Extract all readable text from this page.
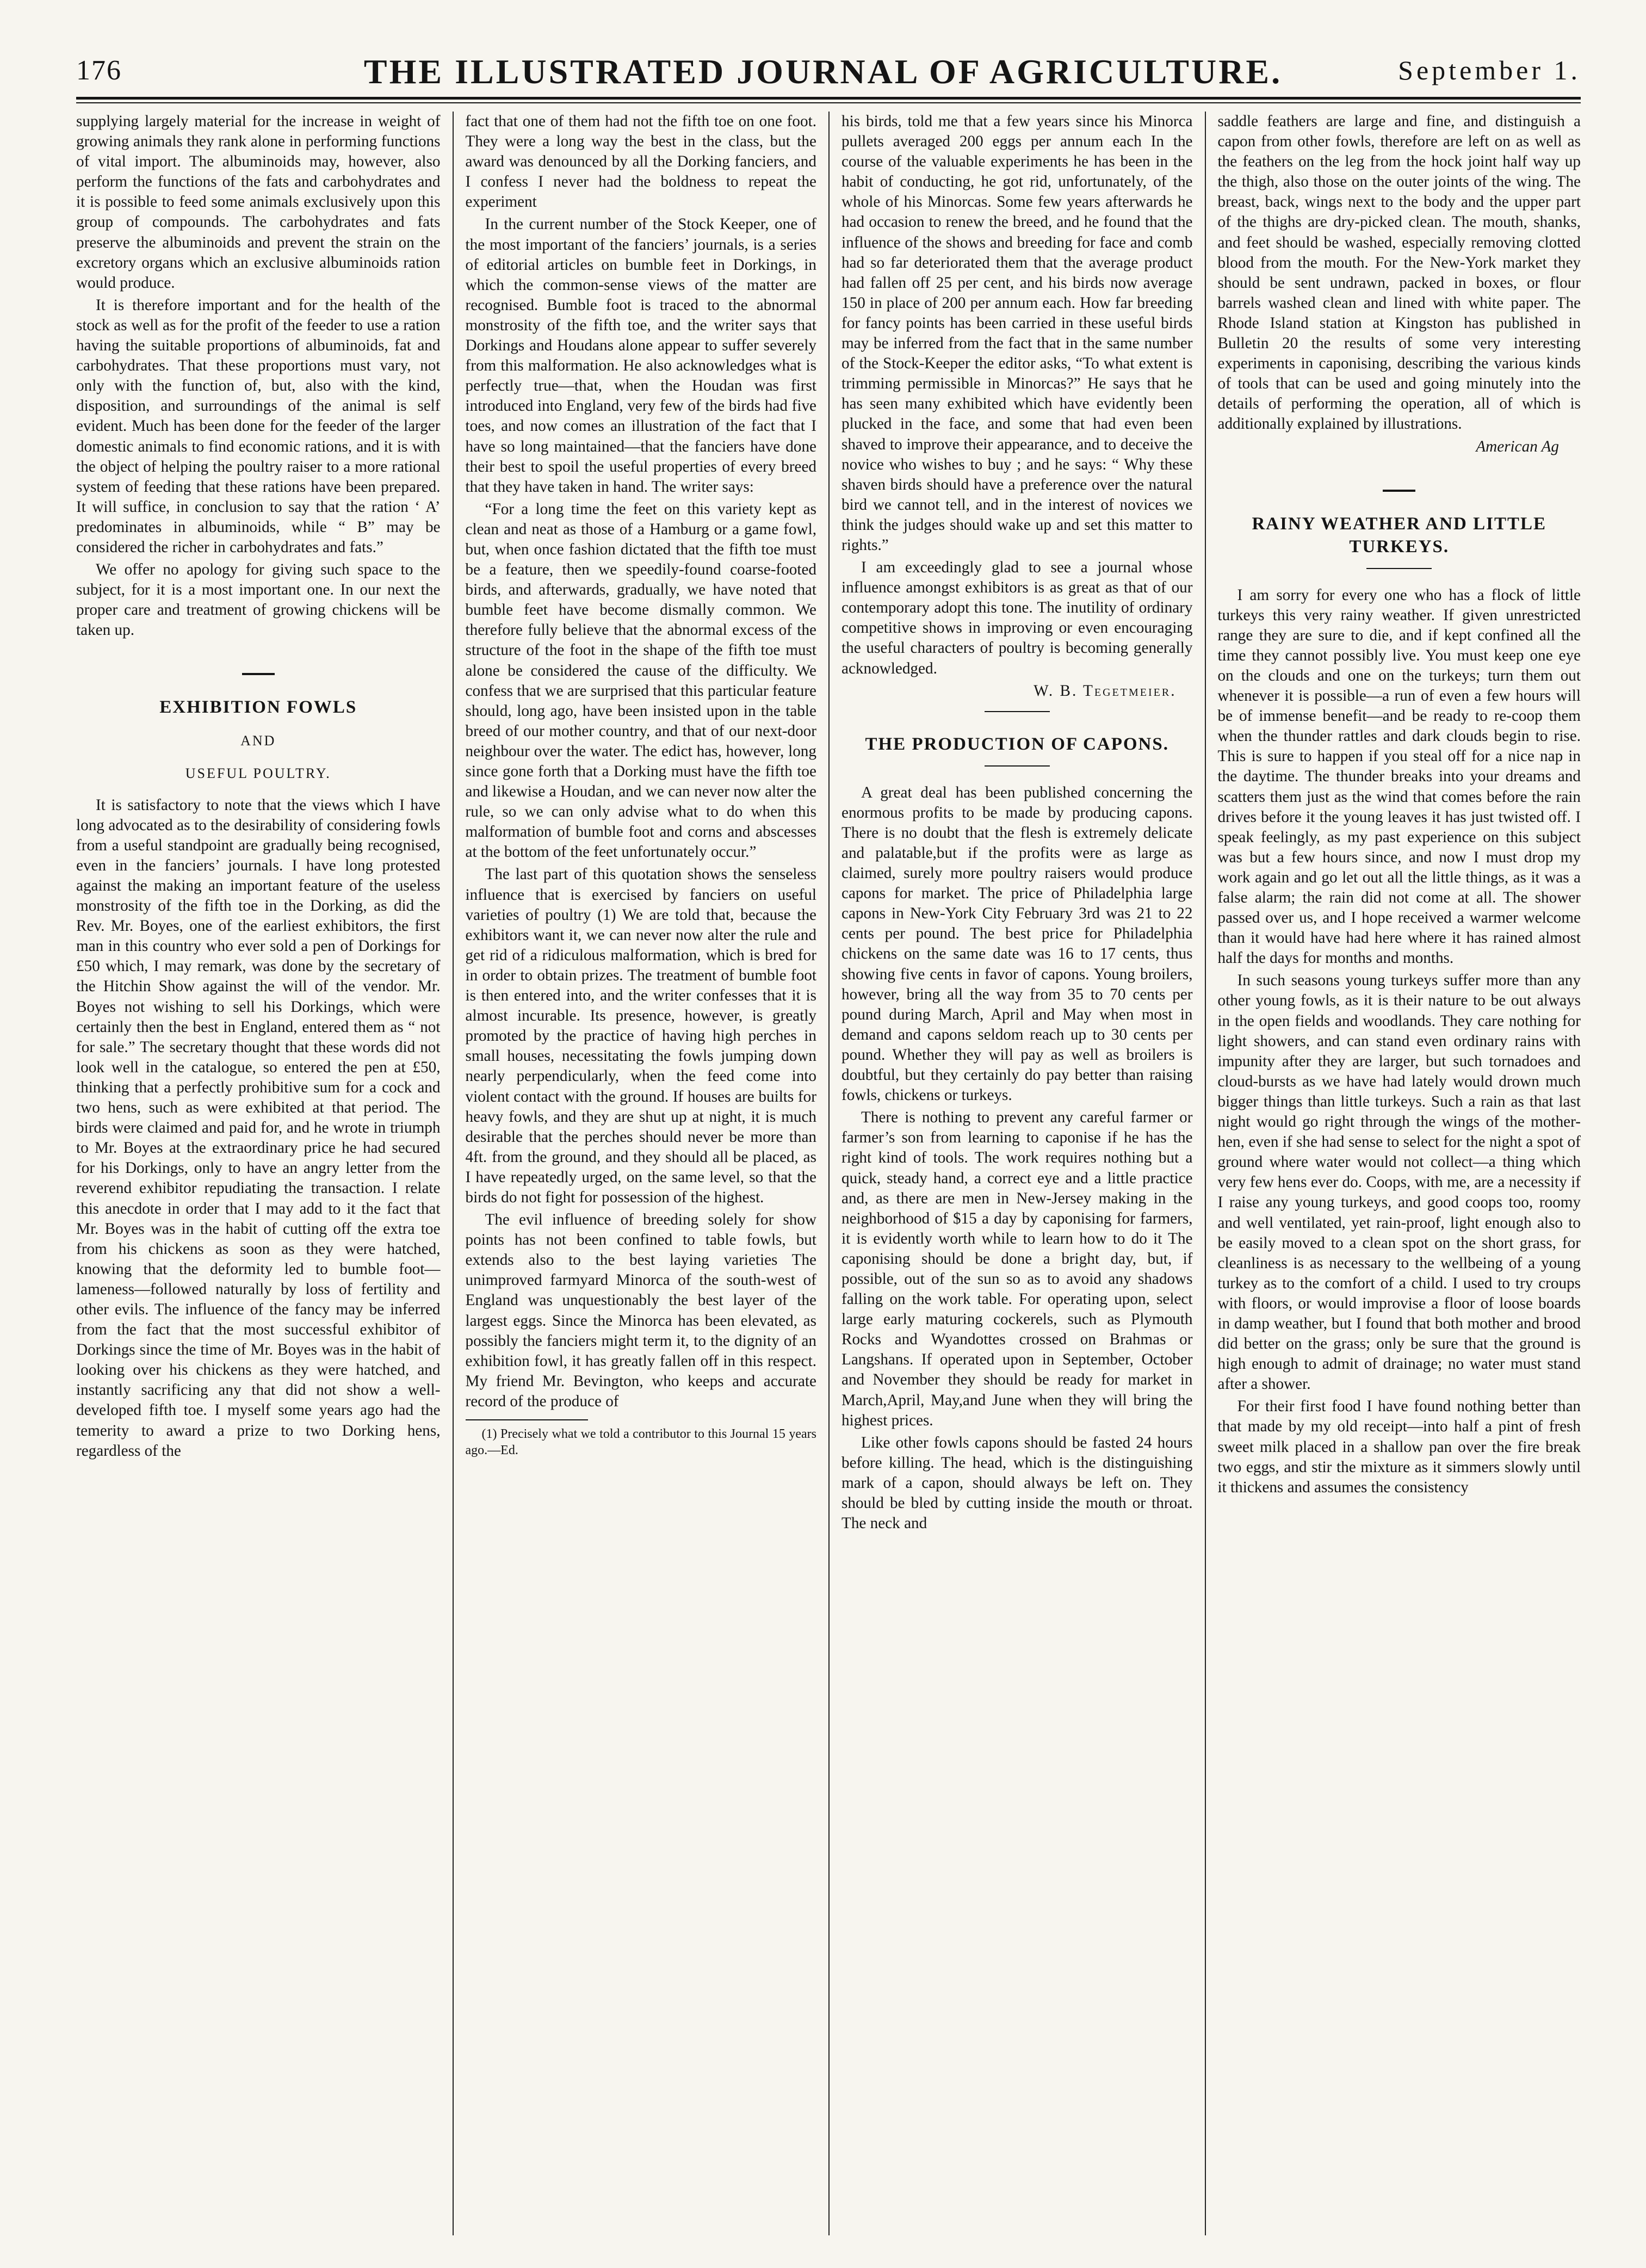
176	September 1.
THE ILLUSTRATED JOURNAL OF AGRICULTURE.

supplying largely material for the increase in weight of growing animals they rank alone in performing functions of vital import. The albuminoids may, however, also perform the functions of the fats and carbohydrates and it is possible to feed some animals exclusively upon this group of compounds. The carbohydrates and fats preserve the albuminoids and prevent the strain on the excretory organs which an exclusive albuminoids ration would produce.

It is therefore important and for the health of the stock as well as for the profit of the feeder to use a ration having the suitable proportions of albuminoids, fat and carbohydrates. That these proportions must vary, not only with the function of, but, also with the kind, disposition, and surroundings of the animal is self evident. Much has been done for the feeder of the larger domestic animals to find economic rations, and it is with the object of helping the poultry raiser to a more rational system of feeding that these rations have been prepared. It will suffice, in conclusion to say that the ration ‘ A’ predominates in albuminoids, while “ B” may be considered the richer in carbohydrates and fats.”

We offer no apology for giving such space to the subject, for it is a most important one. In our next the proper care and treatment of growing chickens will be taken up.

EXHIBITION FOWLS
AND
USEFUL POULTRY.

It is satisfactory to note that the views which I have long advocated as to the desirability of considering fowls from a useful standpoint are gradually being recognised, even in the fanciers’ journals. I have long protested against the making an important feature of the useless monstrosity of the fifth toe in the Dorking, as did the Rev. Mr. Boyes, one of the earliest exhibitors, the first man in this country who ever sold a pen of Dorkings for £50 which, I may remark, was done by the secretary of the Hitchin Show against the will of the vendor. Mr. Boyes not wishing to sell his Dorkings, which were certainly then the best in England, entered them as “ not for sale.” The secretary thought that these words did not look well in the catalogue, so entered the pen at £50, thinking that a perfectly prohibitive sum for a cock and two hens, such as were exhibited at that period. The birds were claimed and paid for, and he wrote in triumph to Mr. Boyes at the extraordinary price he had secured for his Dorkings, only to have an angry letter from the reverend exhibitor repudiating the transaction. I relate this anecdote in order that I may add to it the fact that Mr. Boyes was in the habit of cutting off the extra toe from his chickens as soon as they were hatched, knowing that the deformity led to bumble foot—lameness—followed naturally by loss of fertility and other evils. The influence of the fancy may be inferred from the fact that the most successful exhibitor of Dorkings since the time of Mr. Boyes was in the habit of looking over his chickens as they were hatched, and instantly sacrificing any that did not show a well-developed fifth toe. I myself some years ago had the temerity to award a prize to two Dorking hens, regardless of the

fact that one of them had not the fifth toe on one foot. They were a long way the best in the class, but the award was denounced by all the Dorking fanciers, and I confess I never had the boldness to repeat the experiment

In the current number of the Stock Keeper, one of the most important of the fanciers’ journals, is a series of editorial articles on bumble feet in Dorkings, in which the common-sense views of the matter are recognised. Bumble foot is traced to the abnormal monstrosity of the fifth toe, and the writer says that Dorkings and Houdans alone appear to suffer severely from this malformation. He also acknowledges what is perfectly true—that, when the Houdan was first introduced into England, very few of the birds had five toes, and now comes an illustration of the fact that I have so long maintained—that the fanciers have done their best to spoil the useful properties of every breed that they have taken in hand. The writer says:

“For a long time the feet on this variety kept as clean and neat as those of a Hamburg or a game fowl, but, when once fashion dictated that the fifth toe must be a feature, then we speedily-found coarse-footed birds, and afterwards, gradually, we have noted that bumble feet have become dismally common. We therefore fully believe that the abnormal excess of the structure of the foot in the shape of the fifth toe must alone be considered the cause of the difficulty. We confess that we are surprised that this particular feature should, long ago, have been insisted upon in the table breed of our mother country, and that of our next-door neighbour over the water. The edict has, however, long since gone forth that a Dorking must have the fifth toe and likewise a Houdan, and we can never now alter the rule, so we can only advise what to do when this malformation of bumble foot and corns and abscesses at the bottom of the feet unfortunately occur.”

The last part of this quotation shows the senseless influence that is exercised by fanciers on useful varieties of poultry (1) We are told that, because the exhibitors want it, we can never now alter the rule and get rid of a ridiculous malformation, which is bred for in order to obtain prizes. The treatment of bumble foot is then entered into, and the writer confesses that it is almost incurable. Its presence, however, is greatly promoted by the practice of having high perches in small houses, necessitating the fowls jumping down nearly perpendicularly, when the feed come into violent contact with the ground. If houses are builts for heavy fowls, and they are shut up at night, it is much desirable that the perches should never be more than 4ft. from the ground, and they should all be placed, as I have repeatedly urged, on the same level, so that the birds do not fight for possession of the highest.

The evil influence of breeding solely for show points has not been confined to table fowls, but extends also to the best laying varieties The unimproved farmyard Minorca of the south-west of England was unquestionably the best layer of the largest eggs. Since the Minorca has been elevated, as possibly the fanciers might term it, to the dignity of an exhibition fowl, it has greatly fallen off in this respect. My friend Mr. Bevington, who keeps and accurate record of the produce of

(1) Precisely what we told a contributor to this Journal 15 years ago.—Ed.

his birds, told me that a few years since his Minorca pullets averaged 200 eggs per annum each In the course of the valuable experiments he has been in the habit of conducting, he got rid, unfortunately, of the whole of his Minorcas. Some few years afterwards he had occasion to renew the breed, and he found that the influence of the shows and breeding for face and comb had so far deteriorated them that the average product had fallen off 25 per cent, and his birds now average 150 in place of 200 per annum each. How far breeding for fancy points has been carried in these useful birds may be inferred from the fact that in the same number of the Stock-Keeper the editor asks, “To what extent is trimming permissible in Minorcas?” He says that he has seen many exhibited which have evidently been plucked in the face, and some that had even been shaved to improve their appearance, and to deceive the novice who wishes to buy ; and he says: “ Why these shaven birds should have a preference over the natural bird we cannot tell, and in the interest of novices we think the judges should wake up and set this matter to rights.”

I am exceedingly glad to see a journal whose influence amongst exhibitors is as great as that of our contemporary adopt this tone. The inutility of ordinary competitive shows in improving or even encouraging the useful characters of poultry is becoming generally acknowledged.

W. B. Tegetmeier.
THE PRODUCTION OF CAPONS.

A great deal has been published concerning the enormous profits to be made by producing capons. There is no doubt that the flesh is extremely delicate and palatable,but if the profits were as large as claimed, surely more poultry raisers would produce capons for market. The price of Philadelphia large capons in New-York City February 3rd was 21 to 22 cents per pound. The best price for Philadelphia chickens on the same date was 16 to 17 cents, thus showing five cents in favor of capons. Young broilers, however, bring all the way from 35 to 70 cents per pound during March, April and May when most in demand and capons seldom reach up to 30 cents per pound. Whether they will pay as well as broilers is doubtful, but they certainly do pay better than raising fowls, chickens or turkeys.

There is nothing to prevent any careful farmer or farmer’s son from learning to caponise if he has the right kind of tools. The work requires nothing but a quick, steady hand, a correct eye and a little practice and, as there are men in New-Jersey making in the neighborhood of $15 a day by caponising for farmers, it is evidently worth while to learn how to do it The caponising should be done a bright day, but, if possible, out of the sun so as to avoid any shadows falling on the work table. For operating upon, select large early maturing cockerels, such as Plymouth Rocks and Wyandottes crossed on Brahmas or Langshans. If operated upon in September, October and November they should be ready for market in March,April, May,and June when they will bring the highest prices.

Like other fowls capons should be fasted 24 hours before killing. The head, which is the distinguishing mark of a capon, should always be left on. They should be bled by cutting inside the mouth or throat. The neck and

saddle feathers are large and fine, and distinguish a capon from other fowls, therefore are left on as well as the feathers on the leg from the hock joint half way up the thigh, also those on the outer joints of the wing. The breast, back, wings next to the body and the upper part of the thighs are dry-picked clean. The mouth, shanks, and feet should be washed, especially removing clotted blood from the mouth. For the New-York market they should be sent undrawn, packed in boxes, or flour barrels washed clean and lined with white paper. The Rhode Island station at Kingston has published in Bulletin 20 the results of some very interesting experiments in caponising, describing the various kinds of tools that can be used and going minutely into the details of performing the operation, all of which is additionally explained by illustrations.

American Ag
RAINY WEATHER AND LITTLE TURKEYS.

I am sorry for every one who has a flock of little turkeys this very rainy weather. If given unrestricted range they are sure to die, and if kept confined all the time they cannot possibly live. You must keep one eye on the clouds and one on the turkeys; turn them out whenever it is possible—a run of even a few hours will be of immense benefit—and be ready to re-coop them when the thunder rattles and dark clouds begin to rise. This is sure to happen if you steal off for a nice nap in the daytime. The thunder breaks into your dreams and scatters them just as the wind that comes before the rain drives before it the young leaves it has just twisted off. I speak feelingly, as my past experience on this subject was but a few hours since, and now I must drop my work again and go let out all the little things, as it was a false alarm; the rain did not come at all. The shower passed over us, and I hope received a warmer welcome than it would have had here where it has rained almost half the days for months and months.

In such seasons young turkeys suffer more than any other young fowls, as it is their nature to be out always in the open fields and woodlands. They care nothing for light showers, and can stand even ordinary rains with impunity after they are larger, but such tornadoes and cloud-bursts as we have had lately would drown much bigger things than little turkeys. Such a rain as that last night would go right through the wings of the mother-hen, even if she had sense to select for the night a spot of ground where water would not collect—a thing which very few hens ever do. Coops, with me, are a necessity if I raise any young turkeys, and good coops too, roomy and well ventilated, yet rain-proof, light enough also to be easily moved to a clean spot on the short grass, for cleanliness is as necessary to the wellbeing of a young turkey as to the comfort of a child. I used to try croups with floors, or would improvise a floor of loose boards in damp weather, but I found that both mother and brood did better on the grass; only be sure that the ground is high enough to admit of drainage; no water must stand after a shower.

For their first food I have found nothing better than that made by my old receipt—into half a pint of fresh sweet milk placed in a shallow pan over the fire break two eggs, and stir the mixture as it simmers slowly until it thickens and assumes the consistency
